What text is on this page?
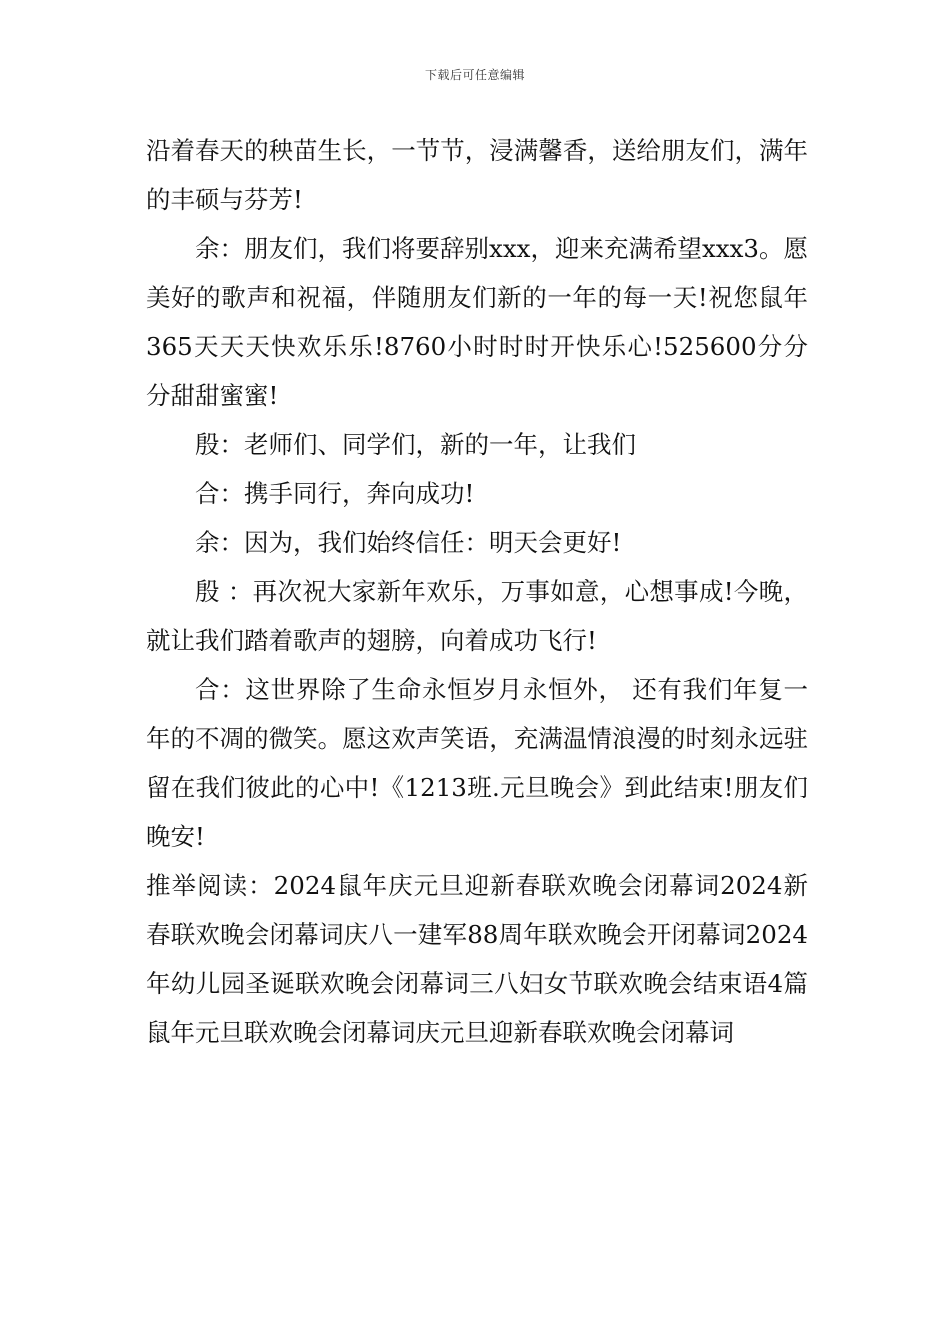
下载后可任意编辑

沿着春天的秧苗生长，一节节，浸满馨香，送给朋友们，满年的丰硕与芬芳!

余：朋友们，我们将要辞别xxx，迎来充满希望xxx3。愿美好的歌声和祝福，伴随朋友们新的一年的每一天!祝您鼠年365天天天快欢乐乐!8760小时时时开快乐心!525600分分分甜甜蜜蜜!

殷：老师们、同学们，新的一年，让我们

合：携手同行，奔向成功!

余：因为，我们始终信任：明天会更好!

殷 ：再次祝大家新年欢乐，万事如意，心想事成!今晚，就让我们踏着歌声的翅膀，向着成功飞行!

合：这世界除了生命永恒岁月永恒外， 还有我们年复一年的不凋的微笑。愿这欢声笑语，充满温情浪漫的时刻永远驻留在我们彼此的心中!《1213班.元旦晚会》到此结束!朋友们晚安!

推举阅读：2024鼠年庆元旦迎新春联欢晚会闭幕词2024新春联欢晚会闭幕词庆八一建军88周年联欢晚会开闭幕词2024年幼儿园圣诞联欢晚会闭幕词三八妇女节联欢晚会结束语4篇鼠年元旦联欢晚会闭幕词庆元旦迎新春联欢晚会闭幕词
